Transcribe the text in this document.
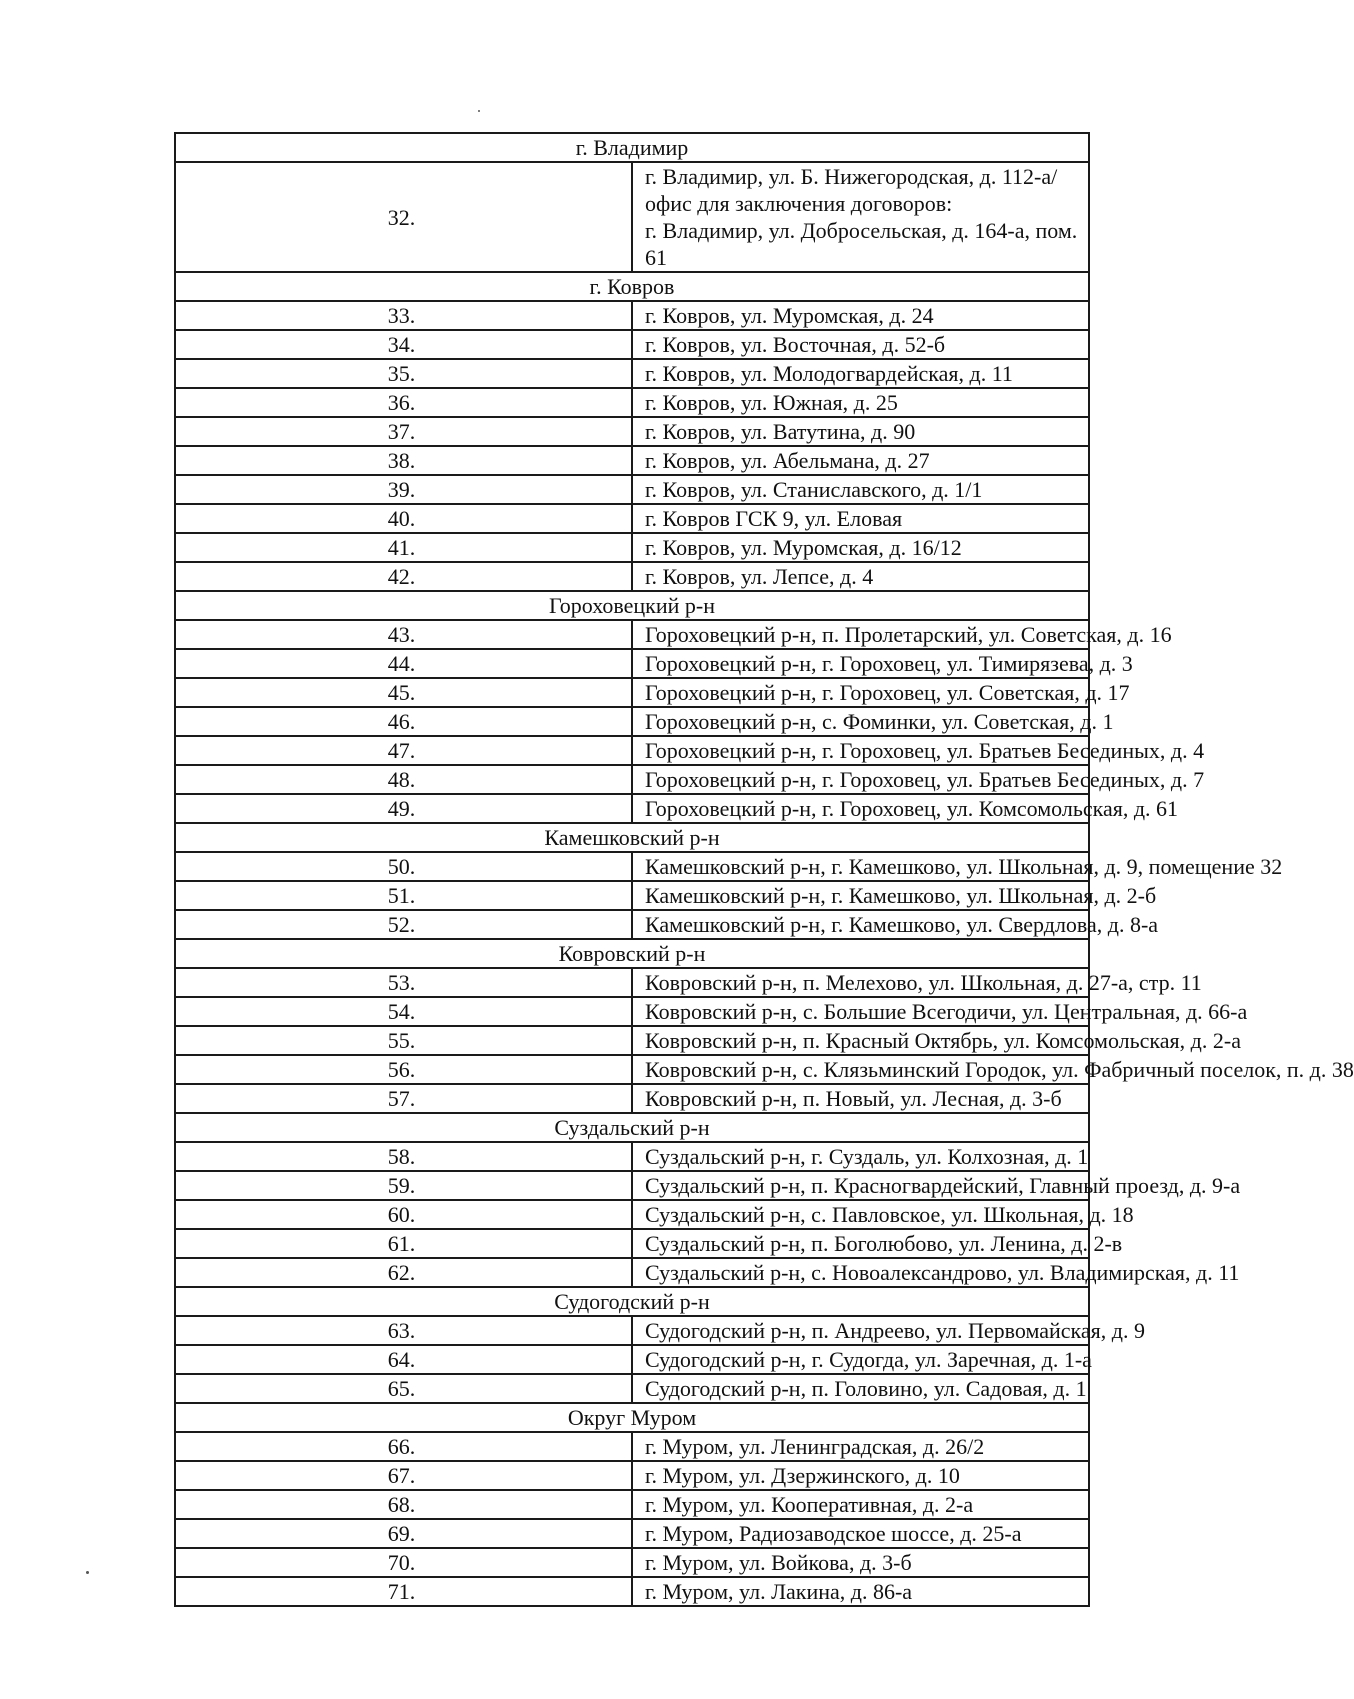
г. Владимир	
32.	г. Владимир, ул. Б. Нижегородская, д. 112-а/офис для заключения договоров:
г. Владимир, ул. Добросельская, д. 164-а, пом. 61

г. Ковров	
33.	г. Ковров, ул. Муромская, д. 24

34.	г. Ковров, ул. Восточная, д. 52-б

35.	г. Ковров, ул. Молодогвардейская, д. 11

36.	г. Ковров, ул. Южная, д. 25

37.	г. Ковров, ул. Ватутина, д. 90

38.	г. Ковров, ул. Абельмана, д. 27

39.	г. Ковров, ул. Станиславского, д. 1/1

40.	г. Ковров ГСК 9, ул. Еловая

41.	г. Ковров, ул. Муромская, д. 16/12

42.	г. Ковров, ул. Лепсе, д. 4

Гороховецкий р-н	
43.	Гороховецкий р-н, п. Пролетарский, ул. Советская, д. 16

44.	Гороховецкий р-н, г. Гороховец, ул. Тимирязева, д. 3

45.	Гороховецкий р-н, г. Гороховец, ул. Советская, д. 17

46.	Гороховецкий р-н, с. Фоминки, ул. Советская, д. 1

47.	Гороховецкий р-н, г. Гороховец, ул. Братьев Бесединых, д. 4

48.	Гороховецкий р-н, г. Гороховец, ул. Братьев Бесединых, д. 7

49.	Гороховецкий р-н, г. Гороховец, ул. Комсомольская, д. 61

Камешковский р-н	
50.	Камешковский р-н, г. Камешково, ул. Школьная, д. 9, помещение 32

51.	Камешковский р-н, г. Камешково, ул. Школьная, д. 2-б

52.	Камешковский р-н, г. Камешково, ул. Свердлова, д. 8-а

Ковровский р-н	
53.	Ковровский р-н, п. Мелехово, ул. Школьная, д. 27-а, стр. 11

54.	Ковровский р-н, с. Большие Всегодичи, ул. Центральная, д. 66-а

55.	Ковровский р-н, п. Красный Октябрь, ул. Комсомольская, д. 2-а

56.	Ковровский р-н, с. Клязьминский Городок, ул. Фабричный поселок, п. д. 38

57.	Ковровский р-н, п. Новый, ул. Лесная, д. 3-б

Суздальский р-н	
58.	Суздальский р-н, г. Суздаль, ул. Колхозная, д. 1

59.	Суздальский р-н, п. Красногвардейский, Главный проезд, д. 9-а

60.	Суздальский р-н, с. Павловское, ул. Школьная, д. 18

61.	Суздальский р-н, п. Боголюбово, ул. Ленина, д. 2-в

62.	Суздальский р-н, с. Новоалександрово, ул. Владимирская, д. 11

Судогодский р-н	
63.	Судогодский р-н, п. Андреево, ул. Первомайская, д. 9

64.	Судогодский р-н, г. Судогда, ул. Заречная, д. 1-а

65.	Судогодский р-н, п. Головино, ул. Садовая, д. 1

Округ Муром	
66.	г. Муром, ул. Ленинградская, д. 26/2

67.	г. Муром, ул. Дзержинского, д. 10

68.	г. Муром, ул. Кооперативная, д. 2-а

69.	г. Муром, Радиозаводское шоссе, д. 25-а

70.	г. Муром, ул. Войкова, д. 3-б

71.	г. Муром, ул. Лакина, д. 86-а
